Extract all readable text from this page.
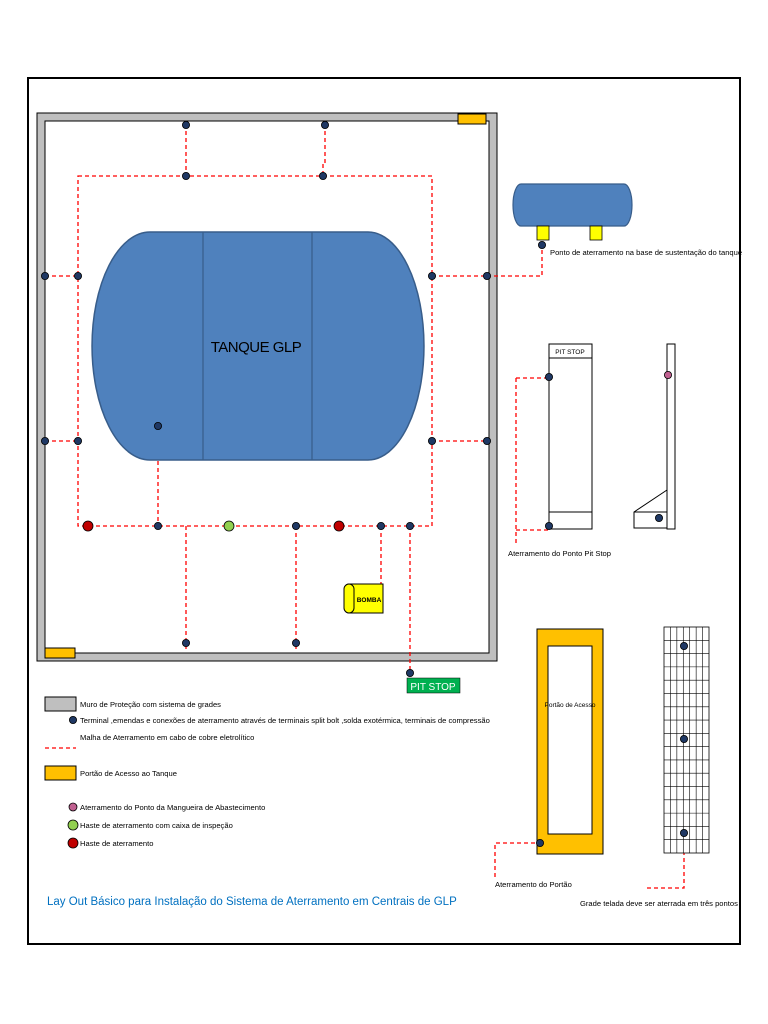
TANQUE GLP
BOMBA
PIT STOP
Ponto de aterramento na base de sustentação do tanque
PIT STOP
Aterramento do Ponto Pit Stop
Portão de Acesso
Aterramento do Portão
Grade telada deve ser aterrada em três pontos
Muro de Proteção com sistema de grades
Terminal ,emendas e conexões de aterramento através de terminais split bolt ,solda exotérmica, terminais de compressão
Malha de Aterramento em cabo de cobre eletrolítico
Portão de Acesso ao Tanque
Aterramento do Ponto da Mangueira de Abastecimento
Haste de aterramento com caixa de inspeção
Haste de aterramento
Lay Out Básico para Instalação do Sistema de Aterramento em Centrais de GLP
